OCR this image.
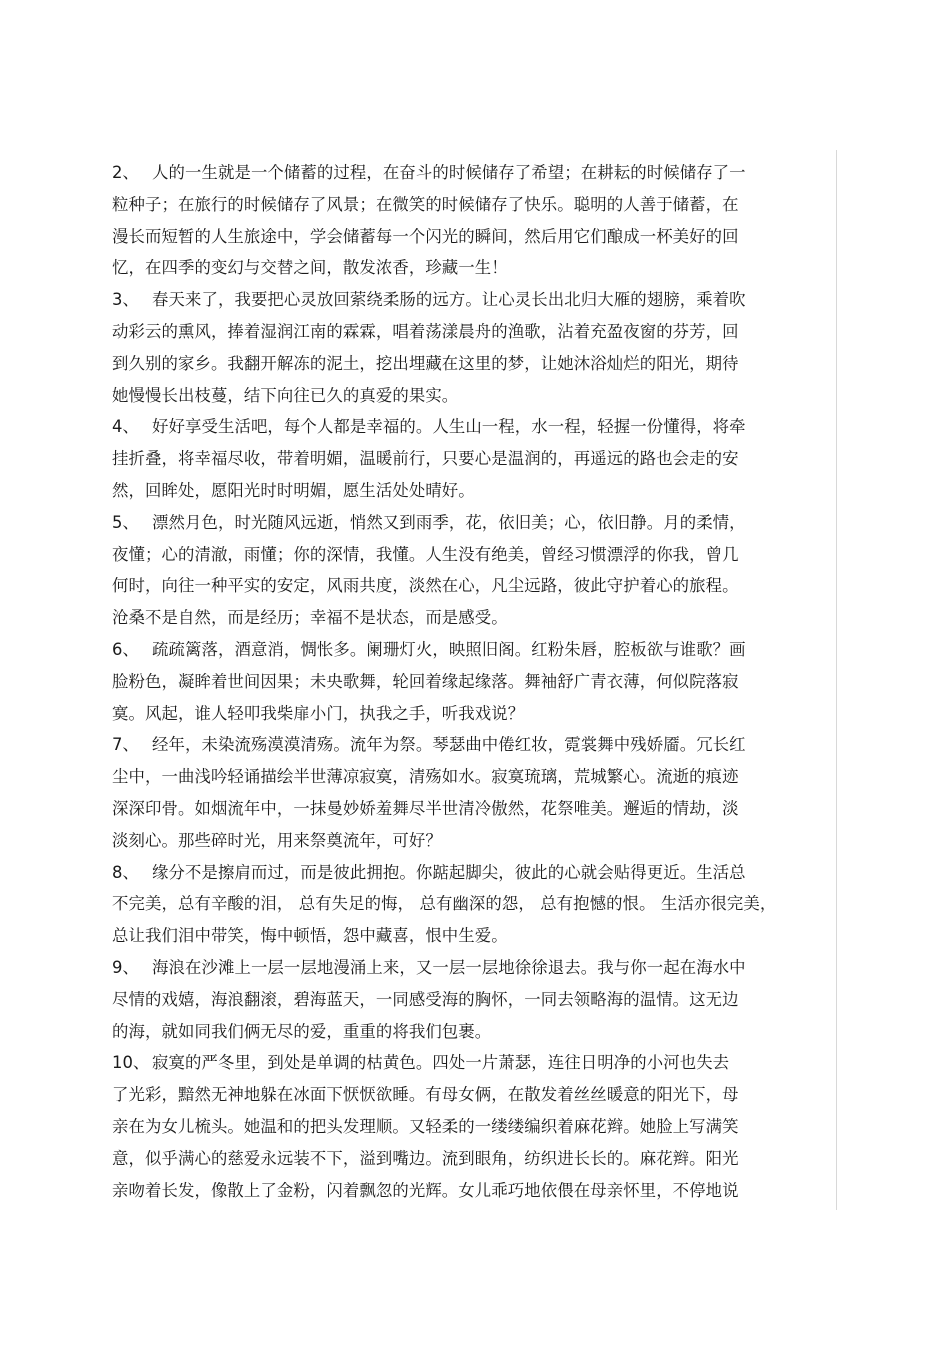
2、 人的一生就是一个储蓄的过程，在奋斗的时候储存了希望；在耕耘的时候储存了一
粒种子；在旅行的时候储存了风景；在微笑的时候储存了快乐。聪明的人善于储蓄，在
漫长而短暂的人生旅途中，学会储蓄每一个闪光的瞬间，然后用它们酿成一杯美好的回
忆，在四季的变幻与交替之间，散发浓香，珍藏一生！
3、 春天来了，我要把心灵放回萦绕柔肠的远方。让心灵长出北归大雁的翅膀，乘着吹
动彩云的熏风，捧着湿润江南的霖霖，唱着荡漾晨舟的渔歌，沾着充盈夜窗的芬芳，回
到久别的家乡。我翻开解冻的泥土，挖出埋藏在这里的梦，让她沐浴灿烂的阳光，期待
她慢慢长出枝蔓，结下向往已久的真爱的果实。
4、 好好享受生活吧，每个人都是幸福的。人生山一程，水一程，轻握一份懂得，将牵
挂折叠，将幸福尽收，带着明媚，温暖前行，只要心是温润的，再遥远的路也会走的安
然，回眸处，愿阳光时时明媚，愿生活处处晴好。
5、 漂然月色，时光随风远逝，悄然又到雨季，花，依旧美；心，依旧静。月的柔情，
夜懂；心的清澈，雨懂；你的深情，我懂。人生没有绝美，曾经习惯漂浮的你我，曾几
何时，向往一种平实的安定，风雨共度，淡然在心，凡尘远路，彼此守护着心的旅程。
沧桑不是自然，而是经历；幸福不是状态，而是感受。
6、 疏疏篱落，酒意消，惆怅多。阑珊灯火，映照旧阁。红粉朱唇，腔板欲与谁歌？画
脸粉色，凝眸着世间因果；未央歌舞，轮回着缘起缘落。舞袖舒广青衣薄，何似院落寂
寞。风起，谁人轻叩我柴扉小门，执我之手，听我戏说？
7、 经年，未染流殇漠漠清殇。流年为祭。琴瑟曲中倦红妆，霓裳舞中残娇靥。冗长红
尘中，一曲浅吟轻诵描绘半世薄凉寂寞，清殇如水。寂寞琉璃，荒城繁心。流逝的痕迹
深深印骨。如烟流年中，一抹曼妙娇羞舞尽半世清冷傲然，花祭唯美。邂逅的情劫，淡
淡刻心。那些碎时光，用来祭奠流年，可好？
8、 缘分不是擦肩而过，而是彼此拥抱。你踮起脚尖，彼此的心就会贴得更近。生活总
不完美，总有辛酸的泪， 总有失足的悔， 总有幽深的怨， 总有抱憾的恨。 生活亦很完美，
总让我们泪中带笑，悔中顿悟，怨中藏喜，恨中生爱。
9、 海浪在沙滩上一层一层地漫涌上来，又一层一层地徐徐退去。我与你一起在海水中
尽情的戏嬉，海浪翻滚，碧海蓝天，一同感受海的胸怀，一同去领略海的温情。这无边
的海，就如同我们俩无尽的爱，重重的将我们包裹。
10、 寂寞的严冬里，到处是单调的枯黄色。四处一片萧瑟，连往日明净的小河也失去
了光彩，黯然无神地躲在冰面下恹恹欲睡。有母女俩，在散发着丝丝暖意的阳光下，母
亲在为女儿梳头。她温和的把头发理顺。又轻柔的一缕缕编织着麻花辫。她脸上写满笑
意，似乎满心的慈爱永远装不下，溢到嘴边。流到眼角，纺织进长长的。麻花辫。阳光
亲吻着长发，像散上了金粉，闪着飘忽的光辉。女儿乖巧地依偎在母亲怀里，不停地说
